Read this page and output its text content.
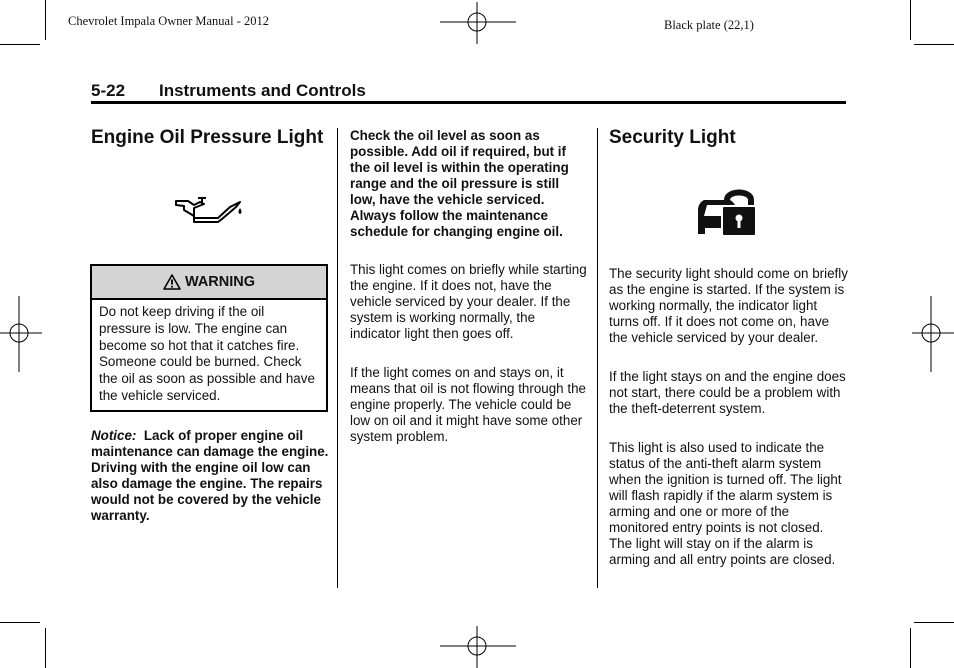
Chevrolet Impala Owner Manual - 2012	Black plate (22,1)
5-22 Instruments and Controls
Engine Oil Pressure Light
WARNING

Do not keep driving if the oil pressure is low. The engine can become so hot that it catches fire. Someone could be burned. Check the oil as soon as possible and have the vehicle serviced.

Notice: Lack of proper engine oil maintenance can damage the engine. Driving with the engine oil low can also damage the engine. The repairs would not be covered by the vehicle warranty.

Check the oil level as soon as possible. Add oil if required, but if the oil level is within the operating range and the oil pressure is still low, have the vehicle serviced. Always follow the maintenance schedule for changing engine oil.

This light comes on briefly while starting the engine. If it does not, have the vehicle serviced by your dealer. If the system is working normally, the indicator light then goes off.

If the light comes on and stays on, it means that oil is not flowing through the engine properly. The vehicle could be low on oil and it might have some other system problem.

Security Light

The security light should come on briefly as the engine is started. If the system is working normally, the indicator light turns off. If it does not come on, have the vehicle serviced by your dealer.

If the light stays on and the engine does not start, there could be a problem with the theft-deterrent system.

This light is also used to indicate the status of the anti-theft alarm system when the ignition is turned off. The light will flash rapidly if the alarm system is arming and one or more of the monitored entry points is not closed. The light will stay on if the alarm is arming and all entry points are closed.
